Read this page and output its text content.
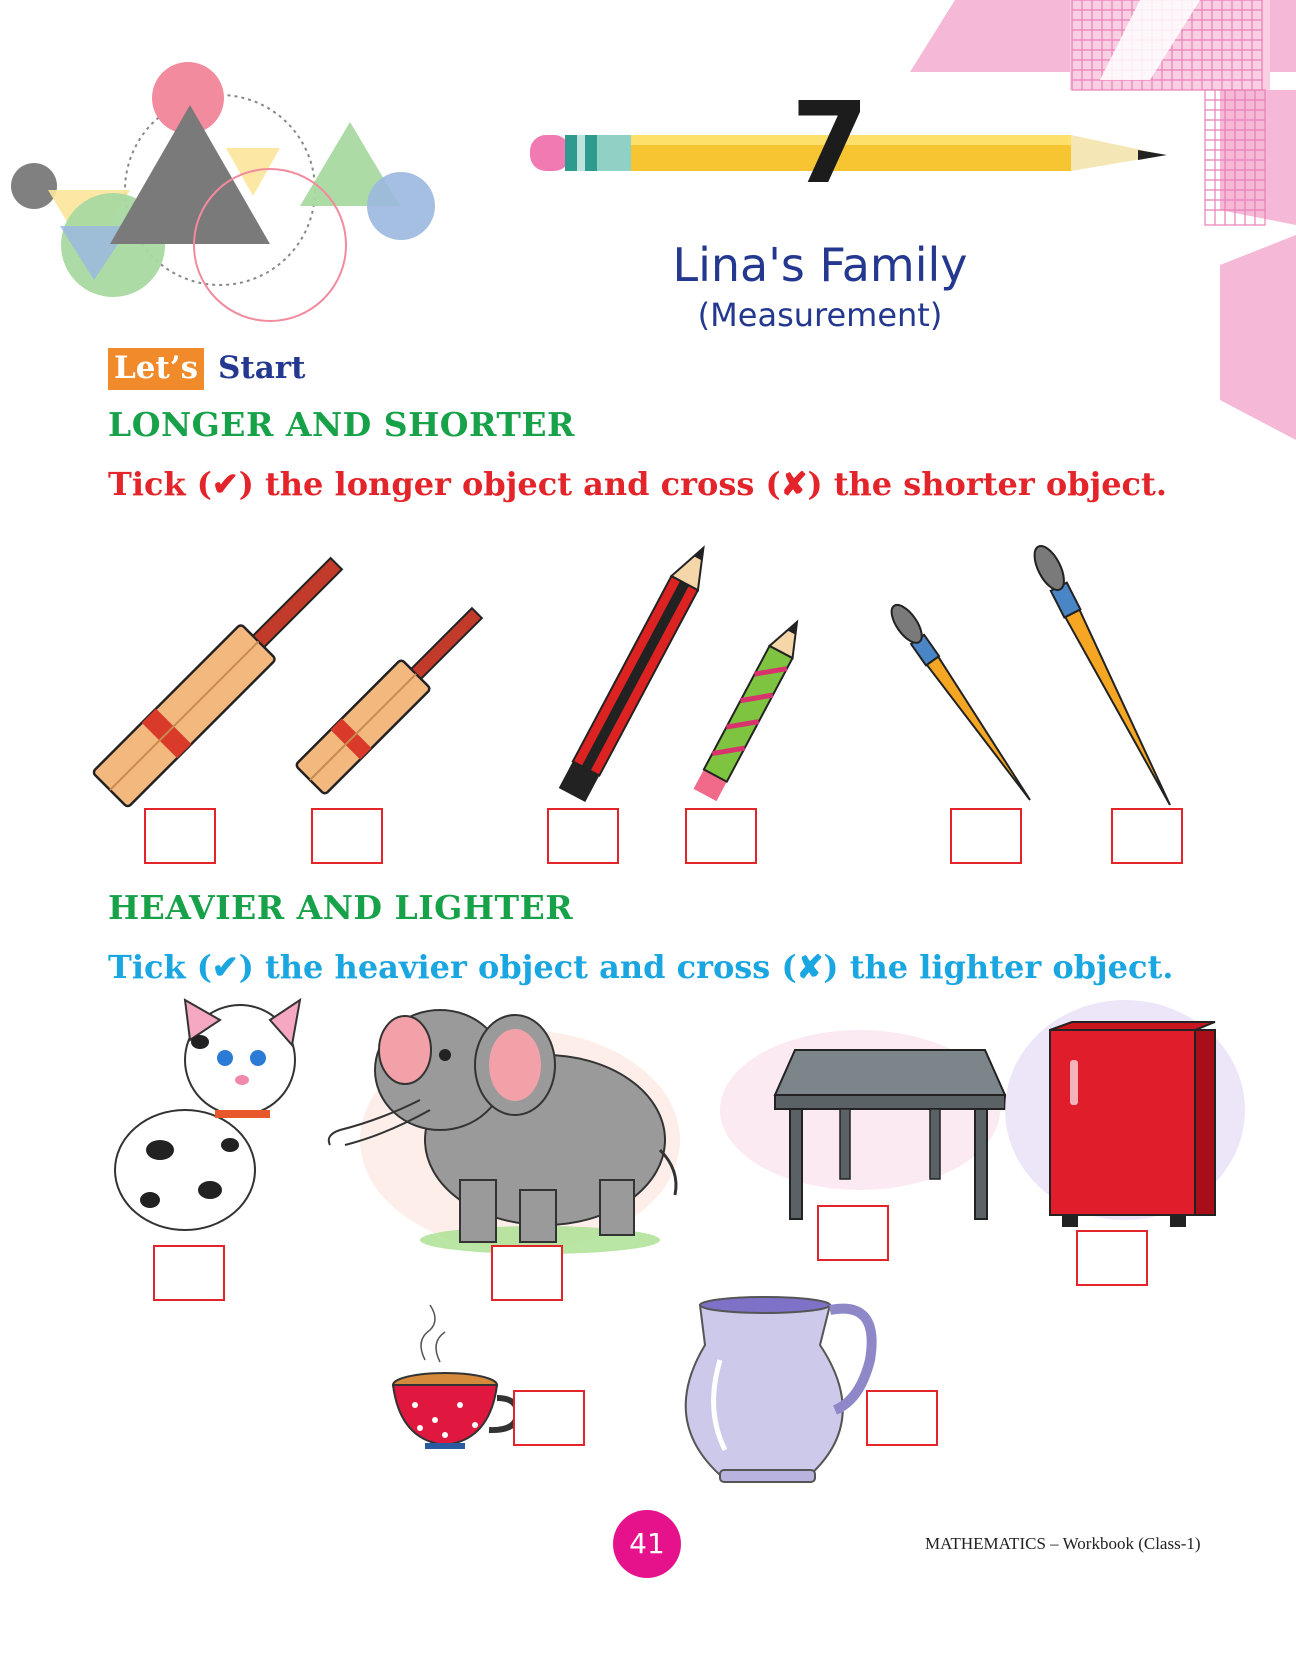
7
Lina's Family
(Measurement)
Let’s Start
LONGER AND SHORTER
Tick (✔) the longer object and cross (✘) the shorter object.
HEAVIER AND LIGHTER
Tick (✔) the heavier object and cross (✘) the lighter object.
41	MATHEMATICS – Workbook (Class-1)
